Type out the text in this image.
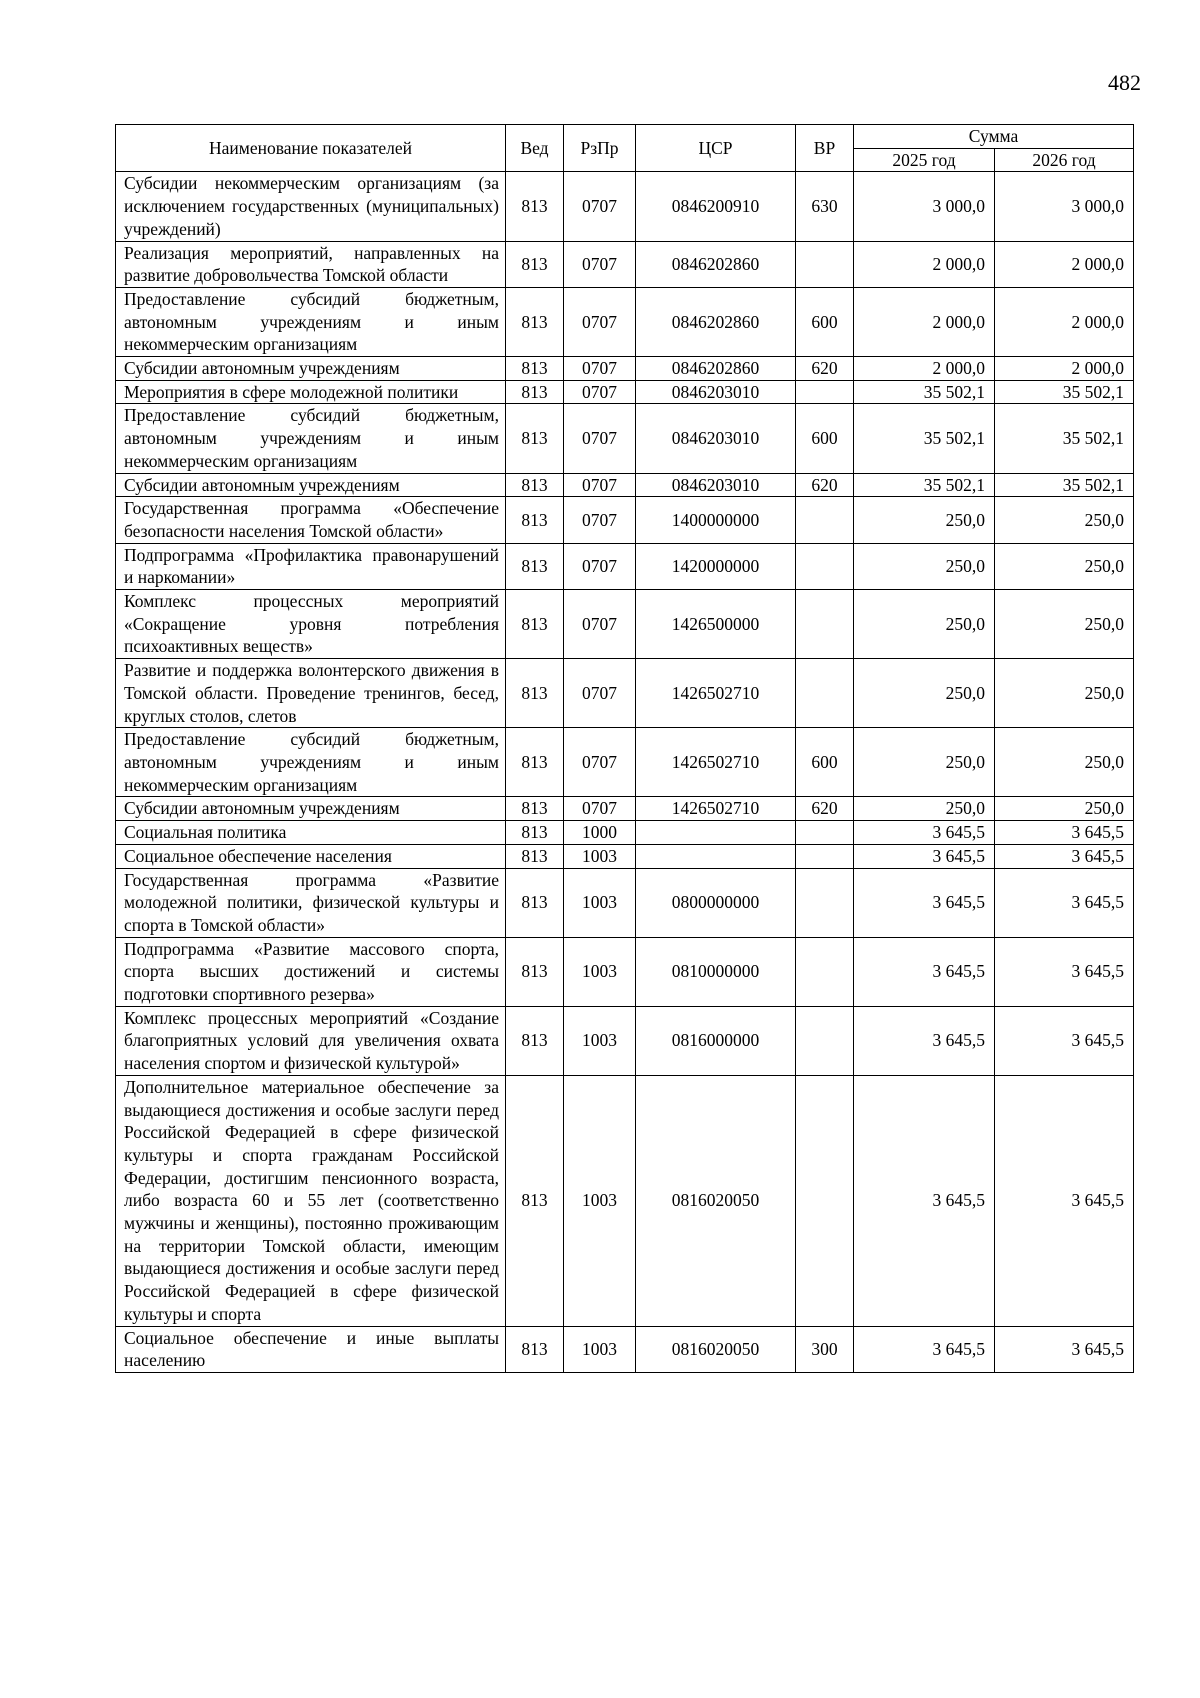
482
Наименование показателей	Вед	РзПр	ЦСР	ВР	Сумма	
					2025 год	2026 год
Субсидии некоммерческим организациям (за исключением государственных (муниципальных) учреждений)	813	0707	0846200910	630	3 000,0	3 000,0
Реализация мероприятий, направленных на развитие добровольчества Томской области	813	0707	0846202860		2 000,0	2 000,0
Предоставление субсидий бюджетным, автономным учреждениям и иным некоммерческим организациям	813	0707	0846202860	600	2 000,0	2 000,0
Субсидии автономным учреждениям	813	0707	0846202860	620	2 000,0	2 000,0
Мероприятия в сфере молодежной политики	813	0707	0846203010		35 502,1	35 502,1
Предоставление субсидий бюджетным, автономным учреждениям и иным некоммерческим организациям	813	0707	0846203010	600	35 502,1	35 502,1
Субсидии автономным учреждениям	813	0707	0846203010	620	35 502,1	35 502,1
Государственная программа «Обеспечение безопасности населения Томской области»	813	0707	1400000000		250,0	250,0
Подпрограмма «Профилактика правонарушений и наркомании»	813	0707	1420000000		250,0	250,0
Комплекс процессных мероприятий «Сокращение уровня потребления психоактивных веществ»	813	0707	1426500000		250,0	250,0
Развитие и поддержка волонтерского движения в Томской области. Проведение тренингов, бесед, круглых столов, слетов	813	0707	1426502710		250,0	250,0
Предоставление субсидий бюджетным, автономным учреждениям и иным некоммерческим организациям	813	0707	1426502710	600	250,0	250,0
Субсидии автономным учреждениям	813	0707	1426502710	620	250,0	250,0
Социальная политика	813	1000			3 645,5	3 645,5
Социальное обеспечение населения	813	1003			3 645,5	3 645,5
Государственная программа «Развитие молодежной политики, физической культуры и спорта в Томской области»	813	1003	0800000000		3 645,5	3 645,5
Подпрограмма «Развитие массового спорта, спорта высших достижений и системы подготовки спортивного резерва»	813	1003	0810000000		3 645,5	3 645,5
Комплекс процессных мероприятий «Создание благоприятных условий для увеличения охвата населения спортом и физической культурой»	813	1003	0816000000		3 645,5	3 645,5
Дополнительное материальное обеспечение за выдающиеся достижения и особые заслуги перед Российской Федерацией в сфере физической культуры и спорта гражданам Российской Федерации, достигшим пенсионного возраста, либо возраста 60 и 55 лет (соответственно мужчины и женщины), постоянно проживающим на территории Томской области, имеющим выдающиеся достижения и особые заслуги перед Российской Федерацией в сфере физической культуры и спорта	813	1003	0816020050		3 645,5	3 645,5
Социальное обеспечение и иные выплаты населению	813	1003	0816020050	300	3 645,5	3 645,5
